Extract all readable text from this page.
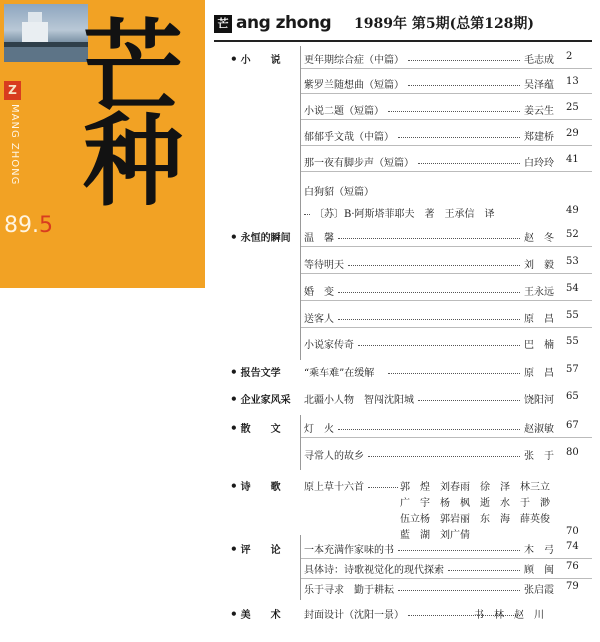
Z
MANG ZHONG 芒种
89.5
芒 ang zhong 1989年 第5期(总第128期)
• 小　　说	更年期综合症（中篇）	毛志成 2
紫罗兰随想曲（短篇）	吴泽蕴 13
小说二题（短篇）	姜云生 25
郁郁乎文哉（中篇）	郑建桥 29
那一夜有脚步声（短篇）	白玲玲 41
白狗貂（短篇）
〔苏〕B·阿斯塔菲耶夫　著　王承信　译	49
• 永恒的瞬间	温　馨	赵　冬 52
等待明天	刘　毅 53
婚　变	王永远 54
送客人	原　昌 55
小说家传奇	巴　楠 55
• 报告文学	“乘车难”在缓解	原　昌 57
• 企业家风采	北疆小人物　智闯沈阳城	饶阳河 65
• 散　　文	灯　火	赵淑敏 67
寻常人的故乡	张　于 80
• 诗　　歌	原上草十六首	郭　煌　刘春雨　徐　泽　林三立
广　宇　杨　枫　逝　水　于　渺
伍立杨　郭岩丽　东　海　薛英俊
藍　湖　刘广倩	70
• 评　　论	一本充满作家味的书	木　弓 74
具体诗：诗歌视觉化的现代探索	顾　闽 76
乐于寻求　勤于耕耘	张启霞 79
• 美　　术	封面设计（沈阳一景）	书　林　赵　川
